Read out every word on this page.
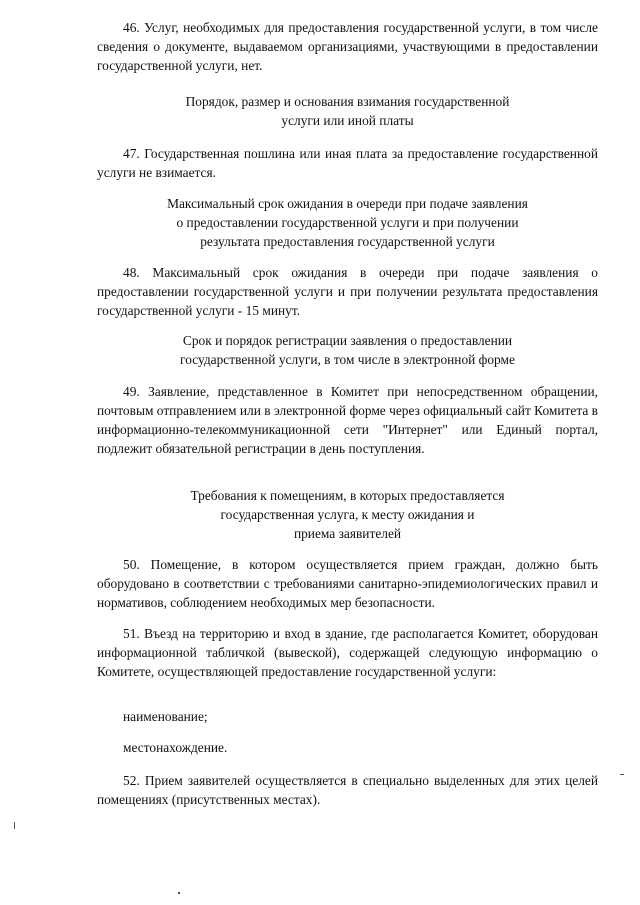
46. Услуг, необходимых для предоставления государственной услуги, в том числе сведения о документе, выдаваемом организациями, участвующими в предоставлении государственной услуги, нет.

Порядок, размер и основания взимания государственной
услуги или иной платы

47. Государственная пошлина или иная плата за предоставление государственной услуги не взимается.

Максимальный срок ожидания в очереди при подаче заявления
о предоставлении государственной услуги и при получении
результата предоставления государственной услуги

48. Максимальный срок ожидания в очереди при подаче заявления о предоставлении государственной услуги и при получении результата предоставления государственной услуги - 15 минут.

Срок и порядок регистрации заявления о предоставлении
государственной услуги, в том числе в электронной форме

49. Заявление, представленное в Комитет при непосредственном обращении, почтовым отправлением или в электронной форме через официальный сайт Комитета в информационно-телекоммуникационной сети "Интернет" или Единый портал, подлежит обязательной регистрации в день поступления.

Требования к помещениям, в которых предоставляется
государственная услуга, к месту ожидания и
приема заявителей

50. Помещение, в котором осуществляется прием граждан, должно быть оборудовано в соответствии с требованиями санитарно-эпидемиологических правил и нормативов, соблюдением необходимых мер безопасности.

51. Въезд на территорию и вход в здание, где располагается Комитет, оборудован информационной табличкой (вывеской), содержащей следующую информацию о Комитете, осуществляющей предоставление государственной услуги:

наименование;

местонахождение.

52. Прием заявителей осуществляется в специально выделенных для этих целей помещениях (присутственных местах).
